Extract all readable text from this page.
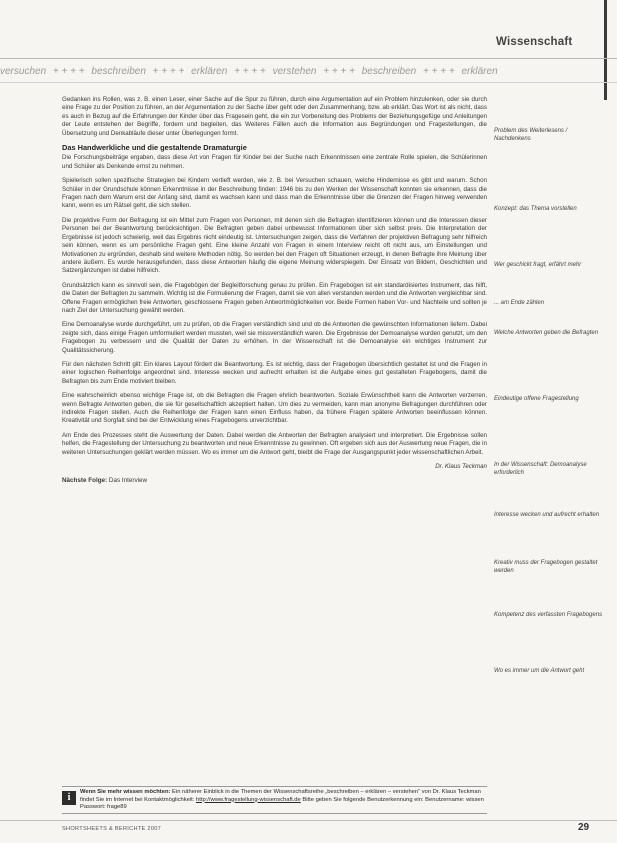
Wissenschaft
versuchen + + + + beschreiben + + + + erklären + + + + verstehen + + + + beschreiben + + + + erklären

Gedanken ins Rollen, was z. B. einen Leser, einer Sache auf die Spur zu führen, durch eine Argumentation auf ein Problem hinzulenken, oder sie durch eine Frage zu der Position zu führen, an der Argumentation zu der Sache über geht oder den Zusammenhang, bzw. ab erklärt. Das Wort ist als nicht, dass es auch in Bezug auf die Erfahrungen der Kinder über das Fragesein geht, die ein zur Vorbereitung des Problems der Beziehungsgefüge und Anleitungen der Leute entstehen der Begriffe, fordern und begleiten, das Weiteres Fällen auch die Information aus Begründungen und Fragestellungen, die Übersetzung und Denkabläufe dieser unter Überlegungen formt.

Das Handwerkliche und die gestaltende Dramaturgie

Die Forschungsbeiträge ergaben, dass diese Art von Fragen für Kinder bei der Suche nach Erkenntnissen eine zentrale Rolle spielen, die Schülerinnen und Schüler als Denkende ernst zu nehmen.

Spielerisch sollen spezifische Strategien bei Kindern vertieft werden, wie z. B. bei Versuchen schauen, welche Hindernisse es gibt und warum. Schon Schüler in der Grundschule können Erkenntnisse in der Beschreibung finden: 1946 bis zu den Werken der Wissenschaft konnten sie erkennen, dass die Fragen nach dem Warum erst der Anfang sind, damit es wachsen kann und dass man die Erkenntnisse über die Grenzen der Fragen hinweg verwenden kann, wenn es um Rätsel geht, die sich stellen.

Die projektive Form der Befragung ist ein Mittel zum Fragen von Personen, mit denen sich die Befragten identifizieren können und die Interessen dieser Personen bei der Beantwortung berücksichtigen. Die Befragten geben dabei unbewusst Informationen über sich selbst preis. Die Interpretation der Ergebnisse ist jedoch schwierig, weil das Ergebnis nicht eindeutig ist. Untersuchungen zeigen, dass die Verfahren der projektiven Befragung sehr hilfreich sein können, wenn es um persönliche Fragen geht. Eine kleine Anzahl von Fragen in einem Interview reicht oft nicht aus, um Einstellungen und Motivationen zu ergründen, deshalb sind weitere Methoden nötig. So werden bei den Fragen oft Situationen erzeugt, in denen Befragte ihre Meinung über andere äußern. Es wurde herausgefunden, dass diese Antworten häufig die eigene Meinung widerspiegeln. Der Einsatz von Bildern, Geschichten und Satzergänzungen ist dabei hilfreich.

Grundsätzlich kann es sinnvoll sein, die Fragebögen der Begleitforschung genau zu prüfen. Ein Fragebogen ist ein standardisiertes Instrument, das hilft, die Daten der Befragten zu sammeln. Wichtig ist die Formulierung der Fragen, damit sie von allen verstanden werden und die Antworten vergleichbar sind. Offene Fragen ermöglichen freie Antworten, geschlossene Fragen geben Antwortmöglichkeiten vor. Beide Formen haben Vor- und Nachteile und sollten je nach Ziel der Untersuchung gewählt werden.

Eine Demoanalyse wurde durchgeführt, um zu prüfen, ob die Fragen verständlich sind und ob die Antworten die gewünschten Informationen liefern. Dabei zeigte sich, dass einige Fragen umformuliert werden mussten, weil sie missverständlich waren. Die Ergebnisse der Demoanalyse wurden genutzt, um den Fragebogen zu verbessern und die Qualität der Daten zu erhöhen. In der Wissenschaft ist die Demoanalyse ein wichtiges Instrument zur Qualitätssicherung.

Für den nächsten Schritt gilt: Ein klares Layout fördert die Beantwortung. Es ist wichtig, dass der Fragebogen übersichtlich gestaltet ist und die Fragen in einer logischen Reihenfolge angeordnet sind. Interesse wecken und aufrecht erhalten ist die Aufgabe eines gut gestalteten Fragebogens, damit die Befragten bis zum Ende motiviert bleiben.

Eine wahrscheinlich ebenso wichtige Frage ist, ob die Befragten die Fragen ehrlich beantworten. Soziale Erwünschtheit kann die Antworten verzerren, wenn Befragte Antworten geben, die sie für gesellschaftlich akzeptiert halten. Um dies zu vermeiden, kann man anonyme Befragungen durchführen oder indirekte Fragen stellen. Auch die Reihenfolge der Fragen kann einen Einfluss haben, da frühere Fragen spätere Antworten beeinflussen können. Kreativität und Sorgfalt sind bei der Entwicklung eines Fragebogens unverzichtbar.

Am Ende des Prozesses steht die Auswertung der Daten. Dabei werden die Antworten der Befragten analysiert und interpretiert. Die Ergebnisse sollen helfen, die Fragestellung der Untersuchung zu beantworten und neue Erkenntnisse zu gewinnen. Oft ergeben sich aus der Auswertung neue Fragen, die in weiteren Untersuchungen geklärt werden müssen. Wo es immer um die Antwort geht, bleibt die Frage der Ausgangspunkt jeder wissenschaftlichen Arbeit.

Dr. Klaus Teckman
Nächste Folge: Das Interview
Problem des Weiterlesens / Nachdenkens
Konzept: das Thema vorstellen
Wer geschickt fragt, erfährt mehr
... am Ende zählen
Welche Antworten geben die Befragten
Eindeutige offene Fragestellung
In der Wissenschaft: Demoanalyse erforderlich
Interesse wecken und aufrecht erhalten
Kreativ muss der Fragebogen gestaltet werden
Kompetenz des verfassten Fragebogens
Wo es immer um die Antwort geht
i	Wenn Sie mehr wissen möchten: Ein näherer Einblick in die Themen der Wissenschaftsreihe „beschreiben – erklären – verstehen“ von Dr. Klaus Teckman findet Sie im Internet bei Kontaktmöglichkeit: http://www.fragestellung-wissenschaft.de Bitte geben Sie folgende Benutzerkennung ein: Benutzername: wissen Passwort: frage89
SHORTSHEETS & BERICHTE 2007	29
